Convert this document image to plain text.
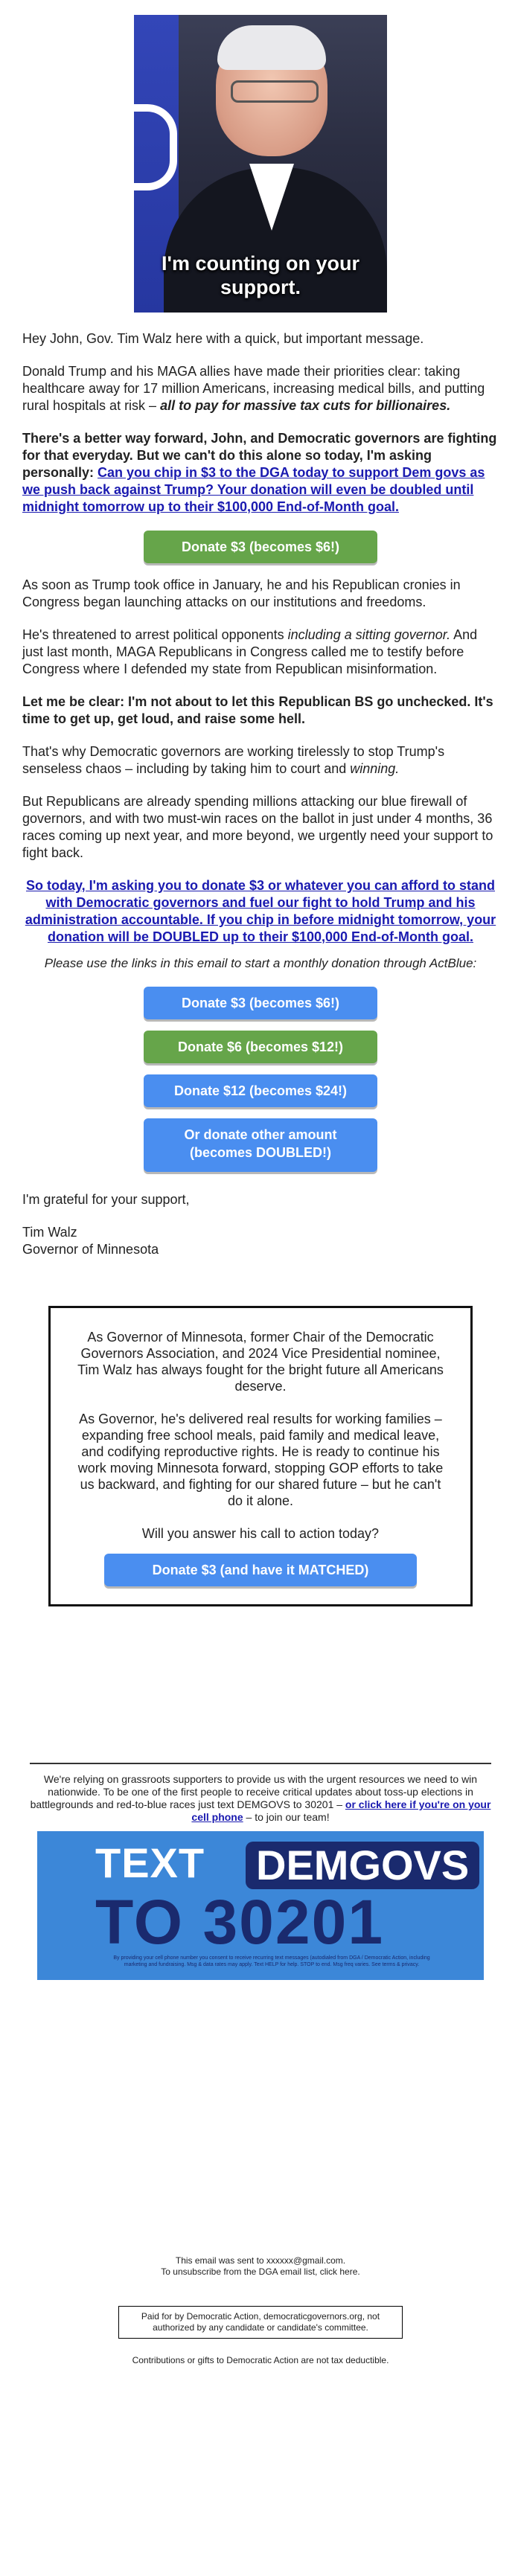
I'm counting on your
support.

Hey John, Gov. Tim Walz here with a quick, but important message.

Donald Trump and his MAGA allies have made their priorities clear: taking healthcare away for 17 million Americans, increasing medical bills, and putting rural hospitals at risk – all to pay for massive tax cuts for billionaires.

There's a better way forward, John, and Democratic governors are fighting for that everyday. But we can't do this alone so today, I'm asking personally: Can you chip in $3 to the DGA today to support Dem govs as we push back against Trump? Your donation will even be doubled until midnight tomorrow up to their $100,000 End-of-Month goal.

Donate $3 (becomes $6!)

As soon as Trump took office in January, he and his Republican cronies in Congress began launching attacks on our institutions and freedoms.

He's threatened to arrest political opponents including a sitting governor. And just last month, MAGA Republicans in Congress called me to testify before Congress where I defended my state from Republican misinformation.

Let me be clear: I'm not about to let this Republican BS go unchecked. It's time to get up, get loud, and raise some hell.

That's why Democratic governors are working tirelessly to stop Trump's senseless chaos – including by taking him to court and winning.

But Republicans are already spending millions attacking our blue firewall of governors, and with two must-win races on the ballot in just under 4 months, 36 races coming up next year, and more beyond, we urgently need your support to fight back.

So today, I'm asking you to donate $3 or whatever you can afford to stand with Democratic governors and fuel our fight to hold Trump and his administration accountable. If you chip in before midnight tomorrow, your donation will be DOUBLED up to their $100,000 End-of-Month goal.

Please use the links in this email to start a monthly donation through ActBlue:

Donate $3 (becomes $6!)
Donate $6 (becomes $12!)
Donate $12 (becomes $24!)
Or donate other amount
(becomes DOUBLED!)

I'm grateful for your support,

Tim Walz

Governor of Minnesota

As Governor of Minnesota, former Chair of the Democratic Governors Association, and 2024 Vice Presidential nominee, Tim Walz has always fought for the bright future all Americans deserve.

As Governor, he's delivered real results for working families – expanding free school meals, paid family and medical leave, and codifying reproductive rights. He is ready to continue his work moving Minnesota forward, stopping GOP efforts to take us backward, and fighting for our shared future – but he can't do it alone.

Will you answer his call to action today?

Donate $3 (and have it MATCHED)

We're relying on grassroots supporters to provide us with the urgent resources we need to win nationwide. To be one of the first people to receive critical updates about toss-up elections in battlegrounds and red-to-blue races just text DEMGOVS to 30201 – or click here if you're on your cell phone – to join our team!

TEXT DEMGOVS
TO 30201
By providing your cell phone number you consent to receive recurring text messages (autodialed from DGA / Democratic Action, including marketing and fundraising. Msg & data rates may apply. Text HELP for help. STOP to end. Msg freq varies. See terms & privacy.

This email was sent to xxxxxx@gmail.com.

To unsubscribe from the DGA email list, click here.

Paid for by Democratic Action, democraticgovernors.org, not authorized by any candidate or candidate's committee.

Contributions or gifts to Democratic Action are not tax deductible.
